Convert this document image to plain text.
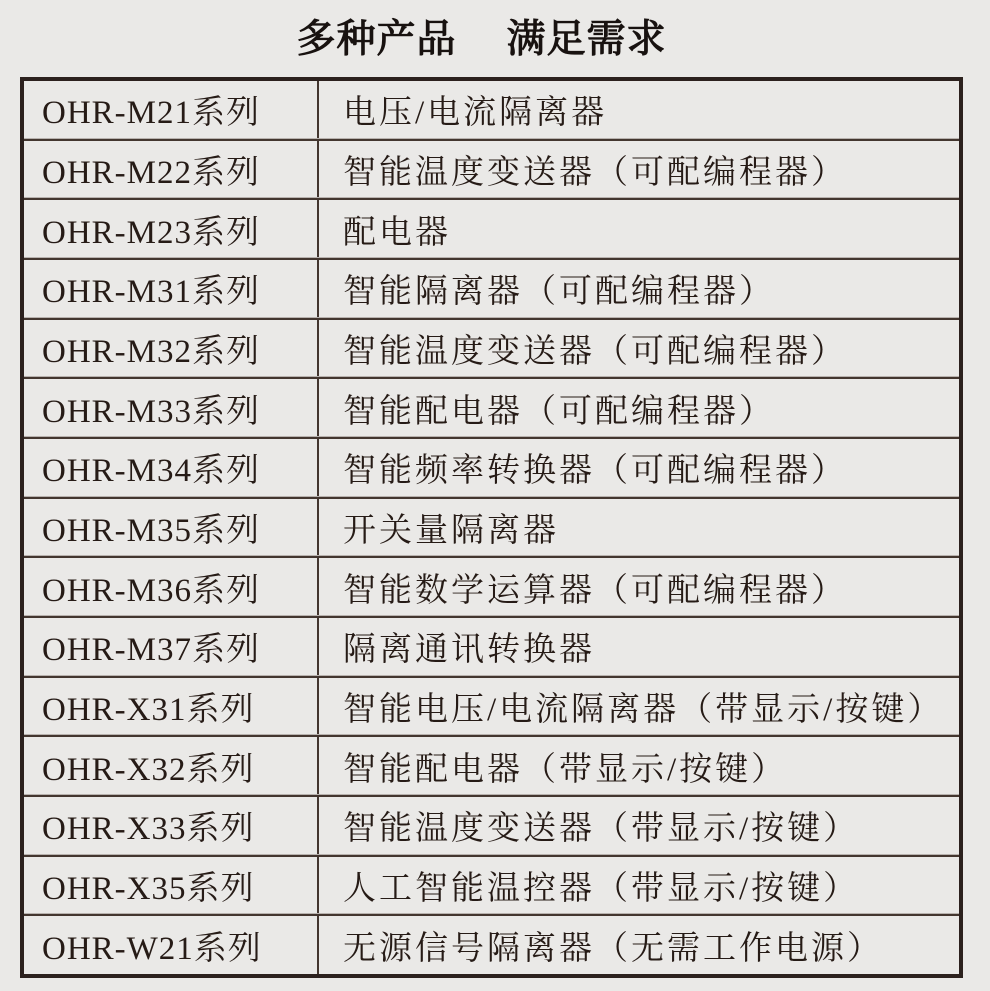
多种产品 满足需求
OHR-M21系列	电压/电流隔离器
OHR-M22系列	智能温度变送器（可配编程器）
OHR-M23系列	配电器
OHR-M31系列	智能隔离器（可配编程器）
OHR-M32系列	智能温度变送器（可配编程器）
OHR-M33系列	智能配电器（可配编程器）
OHR-M34系列	智能频率转换器（可配编程器）
OHR-M35系列	开关量隔离器
OHR-M36系列	智能数学运算器（可配编程器）
OHR-M37系列	隔离通讯转换器
OHR-X31系列	智能电压/电流隔离器（带显示/按键）
OHR-X32系列	智能配电器（带显示/按键）
OHR-X33系列	智能温度变送器（带显示/按键）
OHR-X35系列	人工智能温控器（带显示/按键）
OHR-W21系列	无源信号隔离器（无需工作电源）
